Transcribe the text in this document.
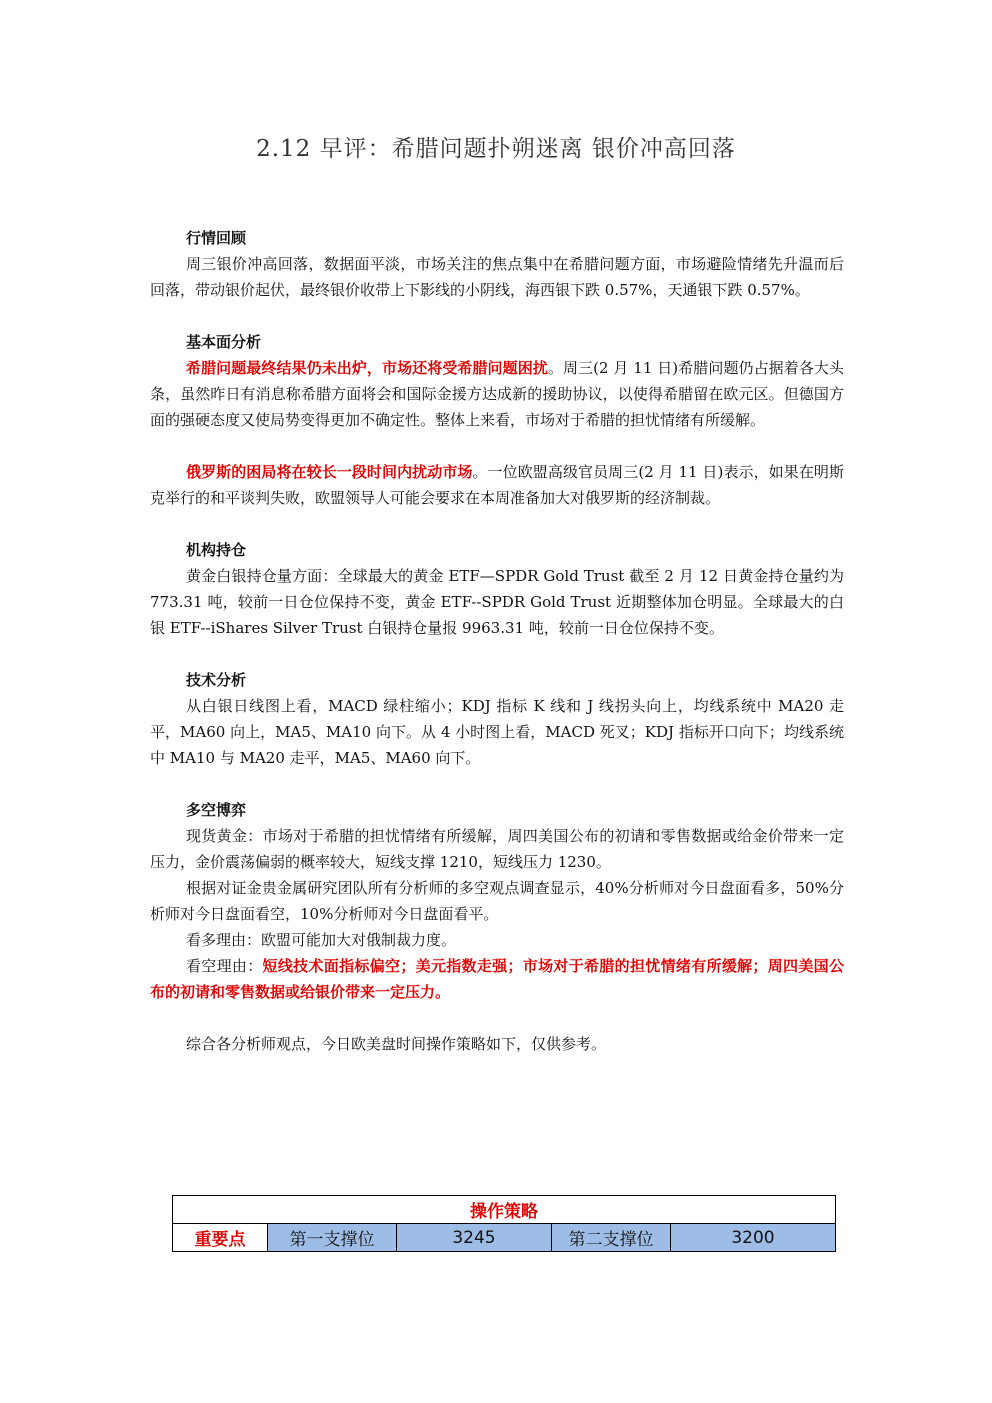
2.12 早评：希腊问题扑朔迷离 银价冲高回落
行情回顾

周三银价冲高回落，数据面平淡，市场关注的焦点集中在希腊问题方面，市场避险情绪先升温而后回落，带动银价起伏，最终银价收带上下影线的小阴线，海西银下跌 0.57%，天通银下跌 0.57%。

基本面分析

希腊问题最终结果仍未出炉，市场还将受希腊问题困扰。周三(2 月 11 日)希腊问题仍占据着各大头条，虽然昨日有消息称希腊方面将会和国际金援方达成新的援助协议，以使得希腊留在欧元区。但德国方面的强硬态度又使局势变得更加不确定性。整体上来看，市场对于希腊的担忧情绪有所缓解。

俄罗斯的困局将在较长一段时间内扰动市场。一位欧盟高级官员周三(2 月 11 日)表示，如果在明斯克举行的和平谈判失败，欧盟领导人可能会要求在本周准备加大对俄罗斯的经济制裁。

机构持仓

黄金白银持仓量方面：全球最大的黄金 ETF—SPDR Gold Trust 截至 2 月 12 日黄金持仓量约为 773.31 吨，较前一日仓位保持不变，黄金 ETF--SPDR Gold Trust 近期整体加仓明显。全球最大的白银 ETF--iShares Silver Trust 白银持仓量报 9963.31 吨，较前一日仓位保持不变。

技术分析

从白银日线图上看，MACD 绿柱缩小；KDJ 指标 K 线和 J 线拐头向上，均线系统中 MA20 走平，MA60 向上，MA5、MA10 向下。从 4 小时图上看，MACD 死叉；KDJ 指标开口向下；均线系统中 MA10 与 MA20 走平，MA5、MA60 向下。

多空博弈

现货黄金：市场对于希腊的担忧情绪有所缓解，周四美国公布的初请和零售数据或给金价带来一定压力，金价震荡偏弱的概率较大，短线支撑 1210，短线压力 1230。

根据对证金贵金属研究团队所有分析师的多空观点调查显示，40%分析师对今日盘面看多，50%分析师对今日盘面看空，10%分析师对今日盘面看平。

看多理由：欧盟可能加大对俄制裁力度。

看空理由：短线技术面指标偏空；美元指数走强；市场对于希腊的担忧情绪有所缓解；周四美国公布的初请和零售数据或给银价带来一定压力。

综合各分析师观点，今日欧美盘时间操作策略如下，仅供参考。

操作策略
重要点	第一支撑位	3245	第二支撑位	3200
